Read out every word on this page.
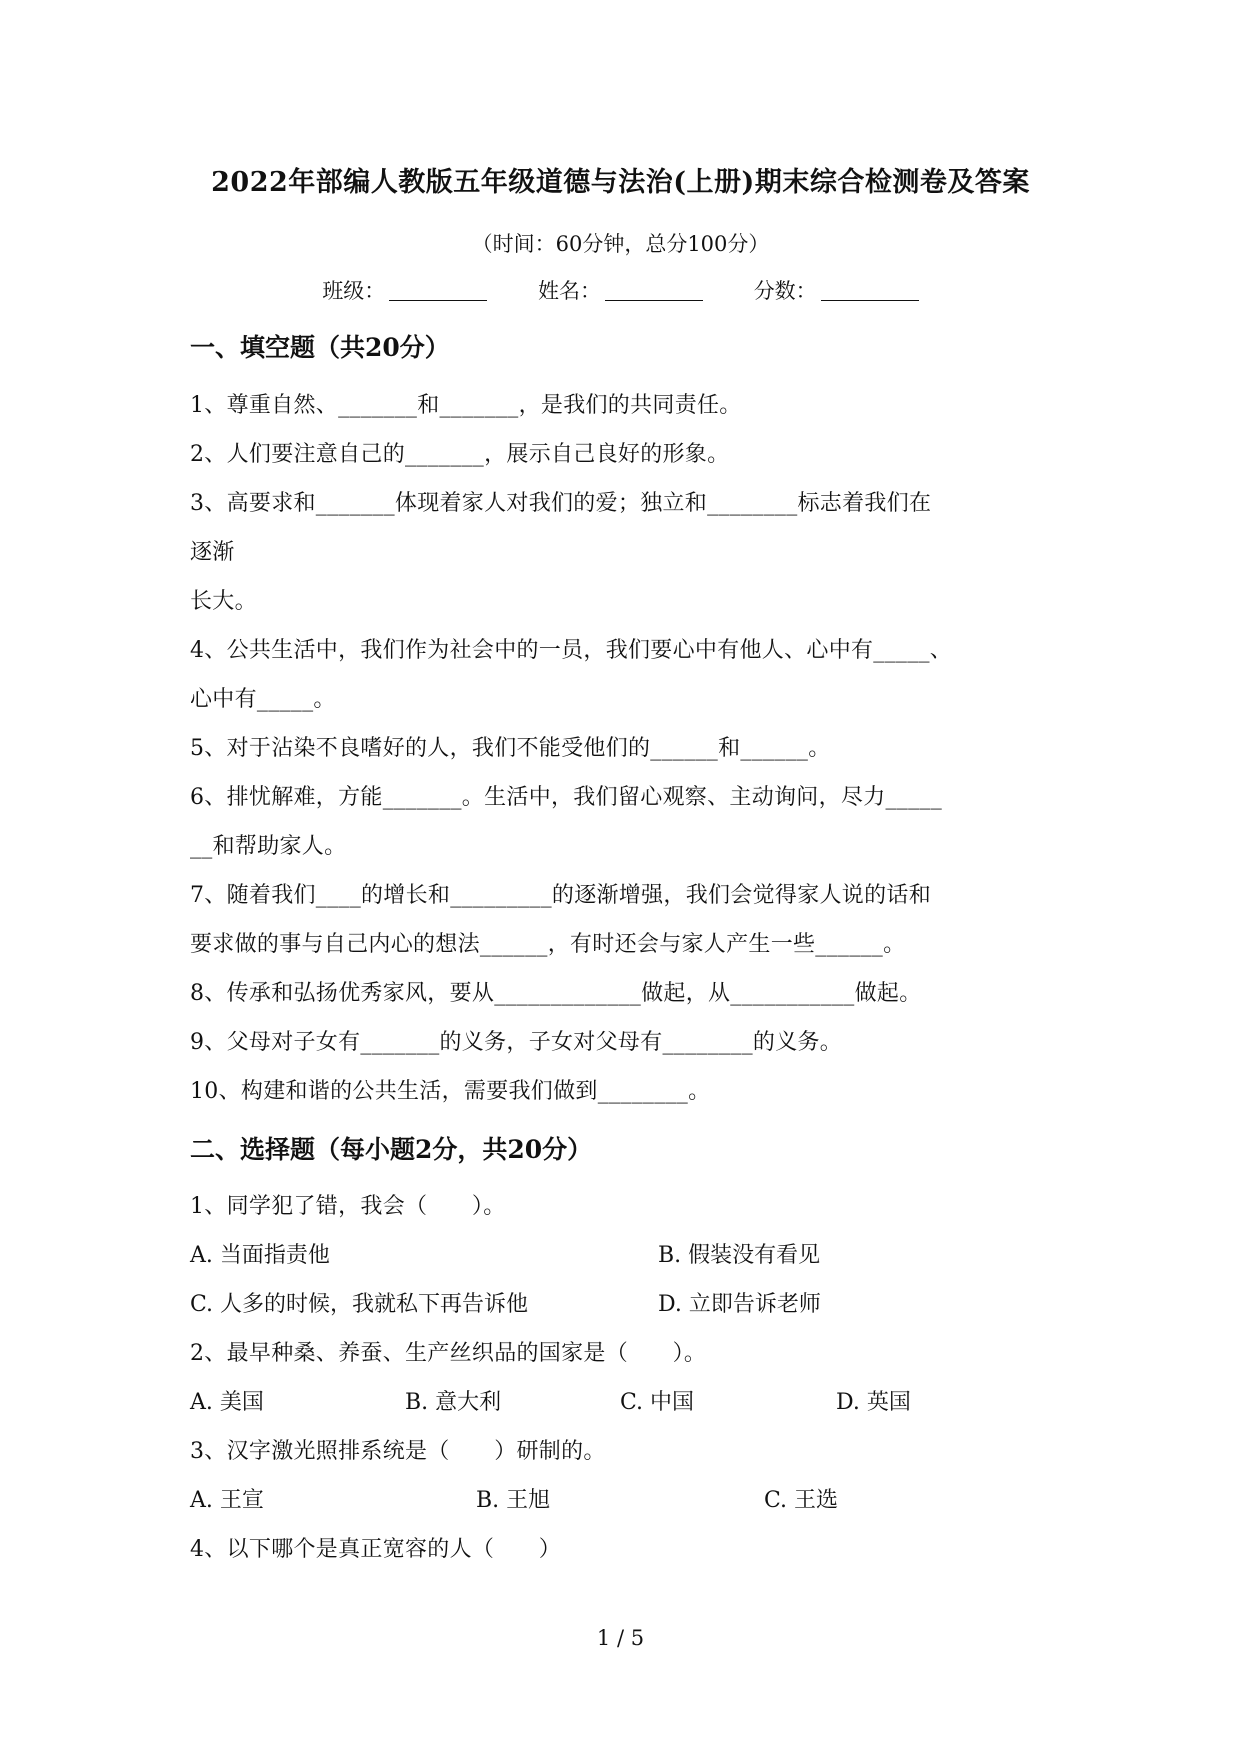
2022年部编人教版五年级道德与法治(上册)期末综合检测卷及答案
（时间：60分钟，总分100分）
班级：	姓名：	分数：
一、填空题（共20分）
1、尊重自然、_______和_______，是我们的共同责任。
2、人们要注意自己的_______，展示自己良好的形象。
3、高要求和_______体现着家人对我们的爱；独立和________标志着我们在
逐渐
长大。
4、公共生活中，我们作为社会中的一员，我们要心中有他人、心中有_____、
心中有_____。
5、对于沾染不良嗜好的人，我们不能受他们的______和______。
6、排忧解难，方能_______。生活中，我们留心观察、主动询问，尽力_____
__和帮助家人。
7、随着我们____的增长和_________的逐渐增强，我们会觉得家人说的话和
要求做的事与自己内心的想法______，有时还会与家人产生一些______。
8、传承和弘扬优秀家风，要从_____________做起，从___________做起。
9、父母对子女有_______的义务，子女对父母有________的义务。
10、构建和谐的公共生活，需要我们做到________。
二、选择题（每小题2分，共20分）
1、同学犯了错，我会（　　）。
A. 当面指责他	B. 假装没有看见
C. 人多的时候，我就私下再告诉他	D. 立即告诉老师
2、最早种桑、养蚕、生产丝织品的国家是（　　）。
A. 美国	B. 意大利	C. 中国	D. 英国
3、汉字激光照排系统是（　　）研制的。
A. 王宣	B. 王旭	C. 王选
4、以下哪个是真正宽容的人（　　）
1 / 5
